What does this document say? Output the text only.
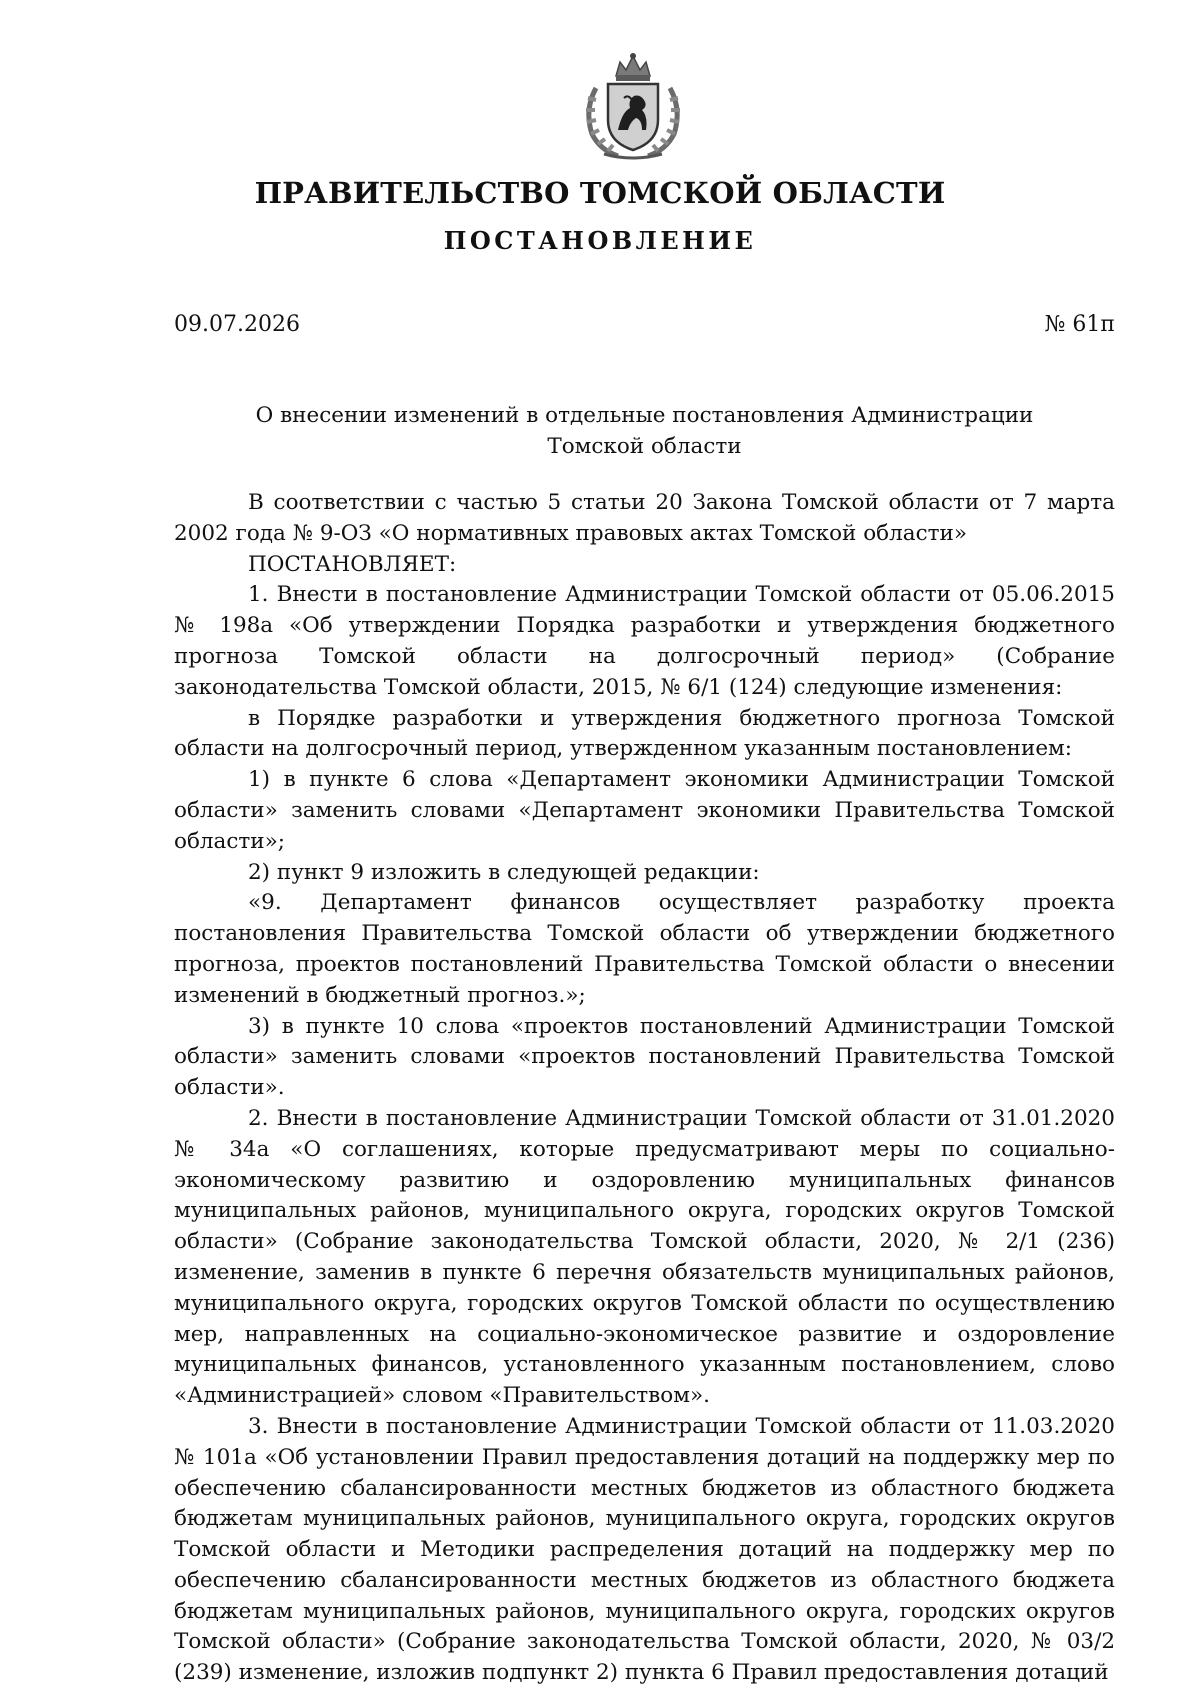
ПРАВИТЕЛЬСТВО ТОМСКОЙ ОБЛАСТИ
ПОСТАНОВЛЕНИЕ
09.07.2026	№ 61п
О внесении изменений в отдельные постановления Администрации
Томской области

В соответствии с частью 5 статьи 20 Закона Томской области от 7 марта 2002 года № 9-ОЗ «О нормативных правовых актах Томской области»

ПОСТАНОВЛЯЕТ:

1. Внести в постановление Администрации Томской области от 05.06.2015 № 198а «Об утверждении Порядка разработки и утверждения бюджетного прогноза Томской области на долгосрочный период» (Собрание законодательства Томской области, 2015, № 6/1 (124) следующие изменения:

в Порядке разработки и утверждения бюджетного прогноза Томской области на долгосрочный период, утвержденном указанным постановлением:

1) в пункте 6 слова «Департамент экономики Администрации Томской области» заменить словами «Департамент экономики Правительства Томской области»;

2) пункт 9 изложить в следующей редакции:

«9. Департамент финансов осуществляет разработку проекта постановления Правительства Томской области об утверждении бюджетного прогноза, проектов постановлений Правительства Томской области о внесении изменений в бюджетный прогноз.»;

3) в пункте 10 слова «проектов постановлений Администрации Томской области» заменить словами «проектов постановлений Правительства Томской области».

2. Внести в постановление Администрации Томской области от 31.01.2020 № 34а «О соглашениях, которые предусматривают меры по социально-экономическому развитию и оздоровлению муниципальных финансов муниципальных районов, муниципального округа, городских округов Томской области» (Собрание законодательства Томской области, 2020, № 2/1 (236) изменение, заменив в пункте 6 перечня обязательств муниципальных районов, муниципального округа, городских округов Томской области по осуществлению мер, направленных на социально-экономическое развитие и оздоровление муниципальных финансов, установленного указанным постановлением, слово «Администрацией» словом «Правительством».

3. Внести в постановление Администрации Томской области от 11.03.2020 № 101а «Об установлении Правил предоставления дотаций на поддержку мер по обеспечению сбалансированности местных бюджетов из областного бюджета бюджетам муниципальных районов, муниципального округа, городских округов Томской области и Методики распределения дотаций на поддержку мер по обеспечению сбалансированности местных бюджетов из областного бюджета бюджетам муниципальных районов, муниципального округа, городских округов Томской области» (Собрание законодательства Томской области, 2020, № 03/2 (239) изменение, изложив подпункт 2) пункта 6 Правил предоставления дотаций
